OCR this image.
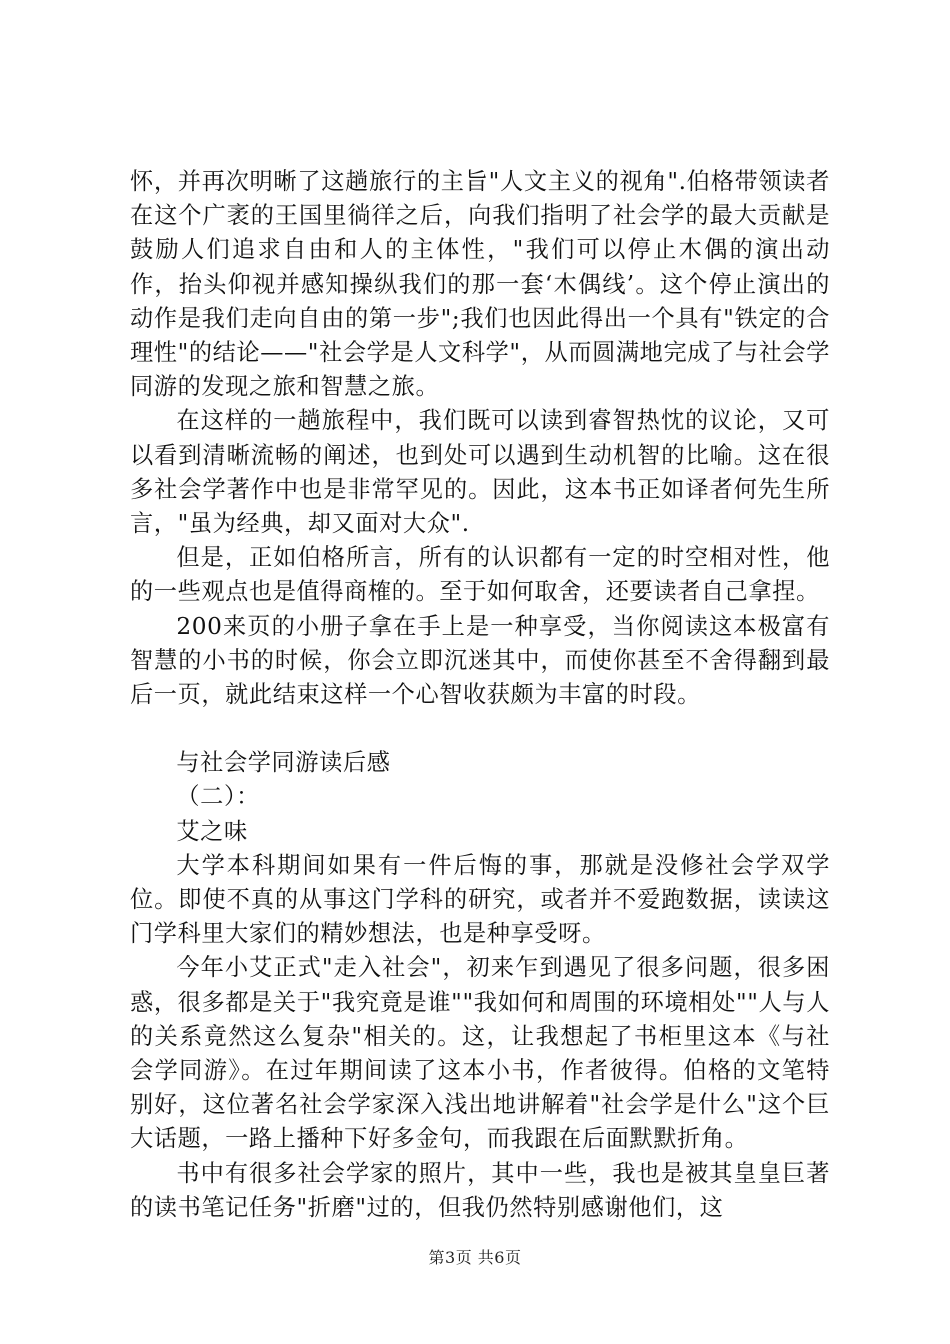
怀，并再次明晰了这趟旅行的主旨"人文主义的视角".伯格带领读者在这个广袤的王国里徜徉之后，向我们指明了社会学的最大贡献是鼓励人们追求自由和人的主体性，"我们可以停止木偶的演出动作，抬头仰视并感知操纵我们的那一套‘木偶线’。这个停止演出的动作是我们走向自由的第一步";我们也因此得出一个具有"铁定的合理性"的结论——"社会学是人文科学"，从而圆满地完成了与社会学同游的发现之旅和智慧之旅。

在这样的一趟旅程中，我们既可以读到睿智热忱的议论，又可以看到清晰流畅的阐述，也到处可以遇到生动机智的比喻。这在很多社会学著作中也是非常罕见的。因此，这本书正如译者何先生所言，"虽为经典，却又面对大众".

但是，正如伯格所言，所有的认识都有一定的时空相对性，他的一些观点也是值得商榷的。至于如何取舍，还要读者自己拿捏。

200来页的小册子拿在手上是一种享受，当你阅读这本极富有智慧的小书的时候，你会立即沉迷其中，而使你甚至不舍得翻到最后一页，就此结束这样一个心智收获颇为丰富的时段。

与社会学同游读后感

（二）：

艾之味

大学本科期间如果有一件后悔的事，那就是没修社会学双学位。即使不真的从事这门学科的研究，或者并不爱跑数据，读读这门学科里大家们的精妙想法，也是种享受呀。

今年小艾正式"走入社会"，初来乍到遇见了很多问题，很多困惑，很多都是关于"我究竟是谁""我如何和周围的环境相处""人与人的关系竟然这么复杂"相关的。这，让我想起了书柜里这本《与社会学同游》。在过年期间读了这本小书，作者彼得。伯格的文笔特别好，这位著名社会学家深入浅出地讲解着"社会学是什么"这个巨大话题，一路上播种下好多金句，而我跟在后面默默折角。

书中有很多社会学家的照片，其中一些，我也是被其皇皇巨著的读书笔记任务"折磨"过的，但我仍然特别感谢他们，这

第3页 共6页
